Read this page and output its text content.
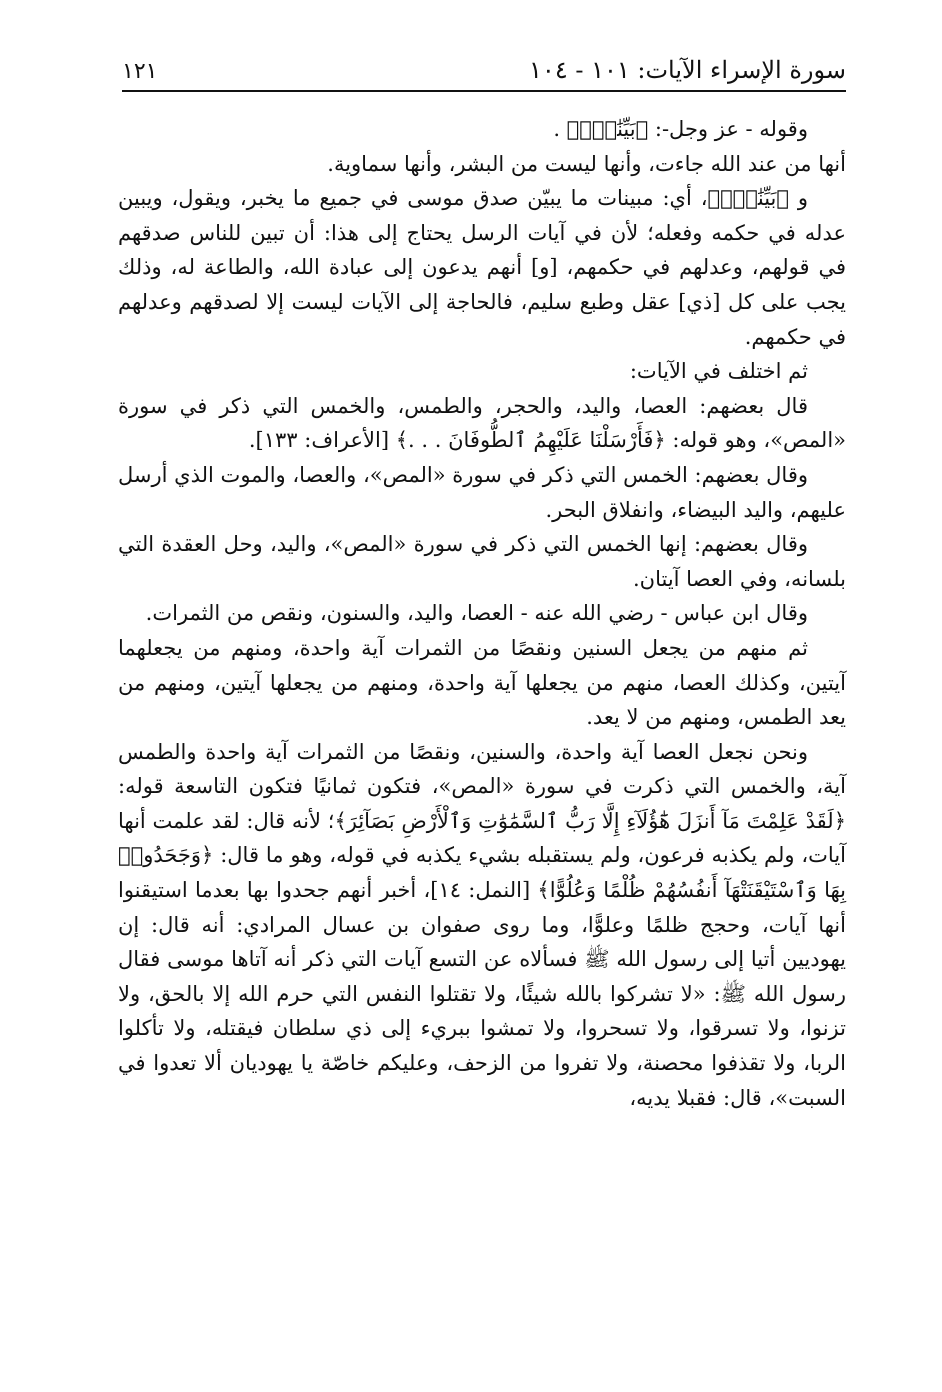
سورة الإسراء الآيات: ١٠١ - ١٠٤
١٢١

وقوله - عز وجل-: ﴿بَيِّنَٰتٍۢ﴾ .

أنها من عند الله جاءت، وأنها ليست من البشر، وأنها سماوية.

و ﴿بَيِّنَٰتٍۢ﴾، أي: مبينات ما يبيّن صدق موسى في جميع ما يخبر، ويقول، ويبين عدله في حكمه وفعله؛ لأن في آيات الرسل يحتاج إلى هذا: أن تبين للناس صدقهم في قولهم، وعدلهم في حكمهم، [و] أنهم يدعون إلى عبادة الله، والطاعة له، وذلك يجب على كل [ذي] عقل وطبع سليم، فالحاجة إلى الآيات ليست إلا لصدقهم وعدلهم في حكمهم.

ثم اختلف في الآيات:

قال بعضهم: العصا، واليد، والحجر، والطمس، والخمس التي ذكر في سورة «المص»، وهو قوله: ﴿فَأَرْسَلْنَا عَلَيْهِمُ ٱلطُّوفَانَ . . .﴾ [الأعراف: ١٣٣].

وقال بعضهم: الخمس التي ذكر في سورة «المص»، والعصا، والموت الذي أرسل عليهم، واليد البيضاء، وانفلاق البحر.

وقال بعضهم: إنها الخمس التي ذكر في سورة «المص»، واليد، وحل العقدة التي بلسانه، وفي العصا آيتان.

وقال ابن عباس - رضي الله عنه - العصا، واليد، والسنون، ونقص من الثمرات.

ثم منهم من يجعل السنين ونقصًا من الثمرات آية واحدة، ومنهم من يجعلهما آيتين، وكذلك العصا، منهم من يجعلها آية واحدة، ومنهم من يجعلها آيتين، ومنهم من يعد الطمس، ومنهم من لا يعد.

ونحن نجعل العصا آية واحدة، والسنين، ونقصًا من الثمرات آية واحدة والطمس آية، والخمس التي ذكرت في سورة «المص»، فتكون ثمانيًا فتكون التاسعة قوله: ﴿لَقَدْ عَلِمْتَ مَآ أَنزَلَ هَٰٓؤُلَآءِ إِلَّا رَبُّ ٱلسَّمَٰوَٰتِ وَٱلْأَرْضِ بَصَآئِرَ﴾؛ لأنه قال: لقد علمت أنها آيات، ولم يكذبه فرعون، ولم يستقبله بشيء يكذبه في قوله، وهو ما قال: ﴿وَجَحَدُوا۟ بِهَا وَٱسْتَيْقَنَتْهَآ أَنفُسُهُمْ ظُلْمًا وَعُلُوًّا﴾ [النمل: ١٤]، أخبر أنهم جحدوا بها بعدما استيقنوا أنها آيات، وحجج ظلمًا وعلوًّا، وما روى صفوان بن عسال المرادي: أنه قال: إن يهوديين أتيا إلى رسول الله ﷺ فسألاه عن التسع آيات التي ذكر أنه آتاها موسى فقال رسول الله ﷺ: «لا تشركوا بالله شيئًا، ولا تقتلوا النفس التي حرم الله إلا بالحق، ولا تزنوا، ولا تسرقوا، ولا تسحروا، ولا تمشوا ببريء إلى ذي سلطان فيقتله، ولا تأكلوا الربا، ولا تقذفوا محصنة، ولا تفروا من الزحف، وعليكم خاصّة يا يهوديان ألا تعدوا في السبت»، قال: فقبلا يديه،
